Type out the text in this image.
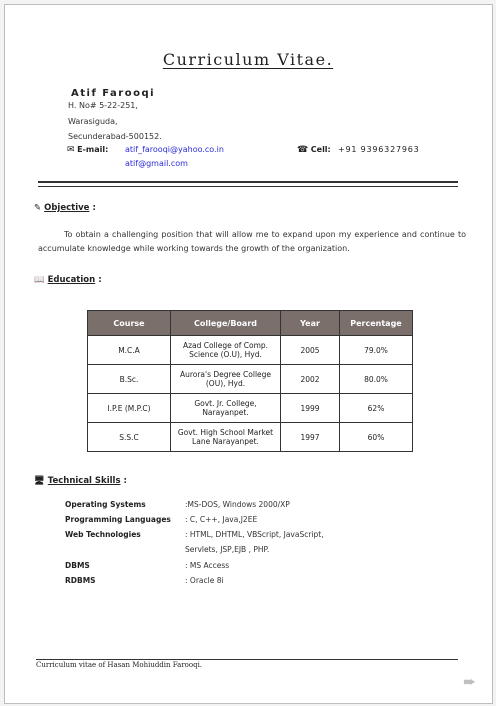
Curriculum Vitae.
Atif Farooqi
H. No# 5-22-251,
Warasiguda,
Secunderabad-500152.
✉ E-mail: atif_farooqi@yahoo.co.in
atif@gmail.com
☎ Cell: +91 9396327963
✎ Objective :
To obtain a challenging position that will allow me to expand upon my experience and continue to accumulate knowledge while working towards the growth of the organization.
📖 Education :
Course	College/Board	Year	Percentage
M.C.A	Azad College of Comp. Science (O.U), Hyd.	2005	79.0%
B.Sc.	Aurora's Degree College (OU), Hyd.	2002	80.0%
I.P.E (M.P.C)	Govt. Jr. College, Narayanpet.	1999	62%
S.S.C	Govt. High School Market Lane Narayanpet.	1997	60%
🖥 Technical Skills :
Operating Systems	:MS-DOS, Windows 2000/XP
Programming Languages	: C, C++, Java,J2EE
Web Technologies	: HTML, DHTML, VBScript, JavaScript,
Servlets, JSP,EJB , PHP.
DBMS	: MS Access
RDBMS	: Oracle 8i
Curriculum vitae of Hasan Mohiuddin Farooqi.
➨
